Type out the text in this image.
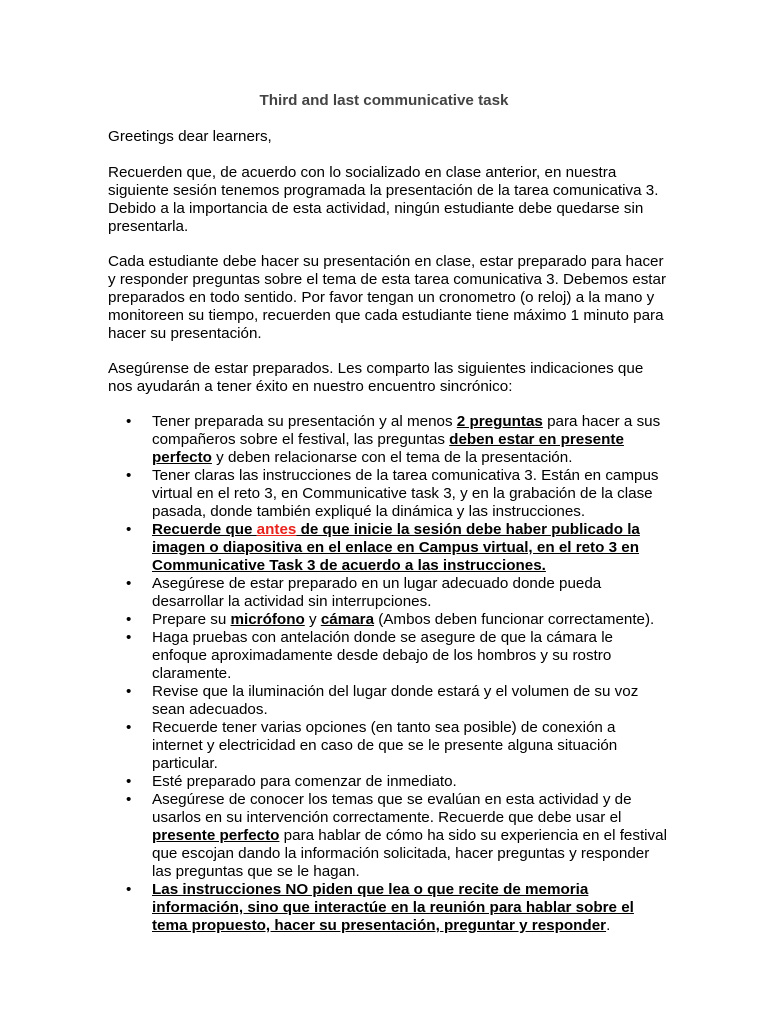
Third and last communicative task
Greetings dear learners,
Recuerden que, de acuerdo con lo socializado en clase anterior, en nuestra siguiente sesión tenemos programada la presentación de la tarea comunicativa 3. Debido a la importancia de esta actividad, ningún estudiante debe quedarse sin presentarla.
Cada estudiante debe hacer su presentación en clase, estar preparado para hacer y responder preguntas sobre el tema de esta tarea comunicativa 3. Debemos estar preparados en todo sentido. Por favor tengan un cronometro (o reloj) a la mano y monitoreen su tiempo, recuerden que cada estudiante tiene máximo 1 minuto para hacer su presentación.
Asegúrense de estar preparados. Les comparto las siguientes indicaciones que nos ayudarán a tener éxito en nuestro encuentro sincrónico:
• Tener preparada su presentación y al menos 2 preguntas para hacer a sus compañeros sobre el festival, las preguntas deben estar en presente perfecto y deben relacionarse con el tema de la presentación.
• Tener claras las instrucciones de la tarea comunicativa 3. Están en campus virtual en el reto 3, en Communicative task 3, y en la grabación de la clase pasada, donde también expliqué la dinámica y las instrucciones.
• Recuerde que antes de que inicie la sesión debe haber publicado la imagen o diapositiva en el enlace en Campus virtual, en el reto 3 en Communicative Task 3 de acuerdo a las instrucciones.
• Asegúrese de estar preparado en un lugar adecuado donde pueda desarrollar la actividad sin interrupciones.
• Prepare su micrófono y cámara (Ambos deben funcionar correctamente).
• Haga pruebas con antelación donde se asegure de que la cámara le enfoque aproximadamente desde debajo de los hombros y su rostro claramente.
• Revise que la iluminación del lugar donde estará y el volumen de su voz sean adecuados.
• Recuerde tener varias opciones (en tanto sea posible) de conexión a internet y electricidad en caso de que se le presente alguna situación particular.
• Esté preparado para comenzar de inmediato.
• Asegúrese de conocer los temas que se evalúan en esta actividad y de usarlos en su intervención correctamente. Recuerde que debe usar el presente perfecto para hablar de cómo ha sido su experiencia en el festival que escojan dando la información solicitada, hacer preguntas y responder las preguntas que se le hagan.
• Las instrucciones NO piden que lea o que recite de memoria información, sino que interactúe en la reunión para hablar sobre el tema propuesto, hacer su presentación, preguntar y responder.
